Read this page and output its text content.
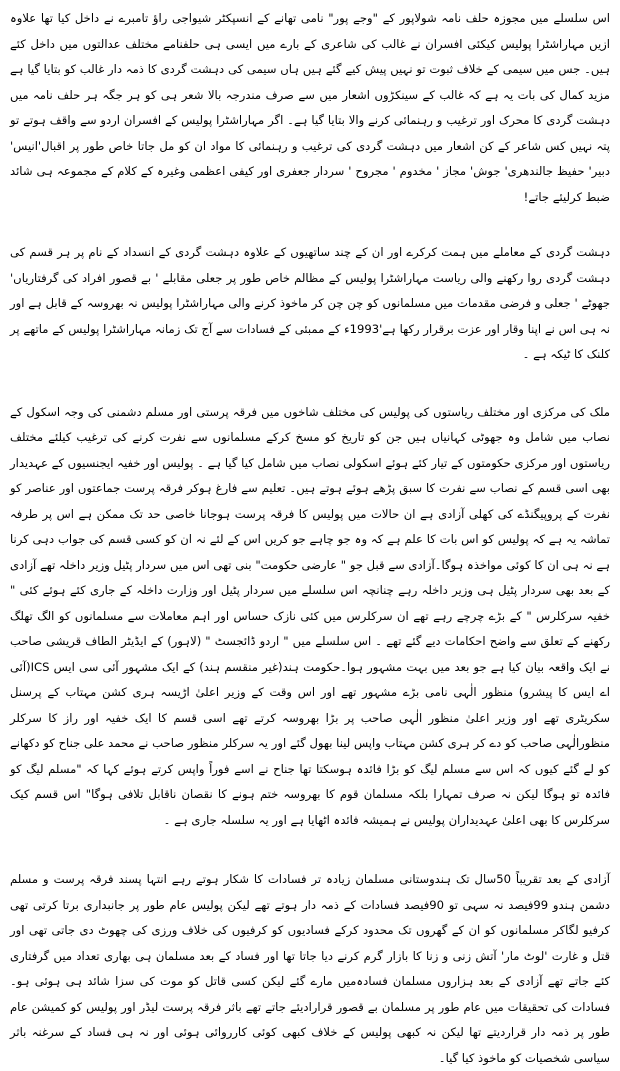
اس سلسلے میں مجوزہ حلف نامہ شولاپور کے "وجے پور" نامی تھانے کے انسپکٹر شیواجی راؤ تامبرے نے داخل کیا تھا علاوہ ازیں مہاراشٹرا پولیس کیکئی افسران نے غالب کی شاعری کے بارے میں ایسی ہی حلفنامے مختلف عدالتوں میں داخل کئے ہیں۔ جس میں سیمی کے خلاف ثبوت تو نہیں پیش کیے گئے ہیں ہاں سیمی کی دہشت گردی کا ذمہ دار غالب کو بتایا گیا ہے مزید کمال کی بات یہ ہے کہ غالب کے سینکڑوں اشعار میں سے صرف مندرجہ بالا شعر ہی کو ہر جگہ ہر حلف نامہ میں دہشت گردی کا محرک اور ترغیب و رہنمائی کرنے والا بتایا گیا ہے۔ اگر مہاراشٹرا پولیس کے افسران اردو سے واقف ہوتے تو پتہ نہیں کس شاعر کے کن اشعار میں دہشت گردی کی ترغیب و رہنمائی کا مواد ان کو مل جاتا خاص طور پر اقبال'انیس' دبیر' حفیظ جالندھری' جوش' مجاز ' مخدوم ' مجروح ' سردار جعفری اور کیفی اعظمی وغیرہ کے کلام کے مجموعہ ہی شائد ضبط کرلیئے جاتے!

دہشت گردی کے معاملے میں ہمت کرکرے اور ان کے چند ساتھیوں کے علاوہ دہشت گردی کے انسداد کے نام پر ہر قسم کی دہشت گردی روا رکھنے والی ریاست مہاراشٹرا پولیس کے مظالم خاص طور پر جعلی مقابلے ' بے قصور افراد کی گرفتاریاں' جھوٹے ' جعلی و فرضی مقدمات میں مسلمانوں کو چن چن کر ماخوذ کرنے والی مہاراشٹرا پولیس نہ بھروسہ کے قابل ہے اور نہ ہی اس نے اپنا وقار اور عزت برقرار رکھا ہے'1993ء کے ممبئی کے فسادات سے آج تک زمانہ مہاراشٹرا پولیس کے ماتھے پر کلنک کا ٹیکہ ہے ۔

ملک کی مرکزی اور مختلف ریاستوں کی پولیس کی مختلف شاخوں میں فرقہ پرستی اور مسلم دشمنی کی وجہ اسکول کے نصاب میں شامل وہ جھوٹی کہانیاں ہیں جن کو تاریخ کو مسخ کرکے مسلمانوں سے نفرت کرنے کی ترغیب کیلئے مختلف ریاستوں اور مرکزی حکومتوں کے تیار کئے ہوئے اسکولی نصاب میں شامل کیا گیا ہے ۔ پولیس اور خفیہ ایجنسیوں کے عہدیدار بھی اسی قسم کے نصاب سے نفرت کا سبق پڑھے ہوئے ہوتے ہیں۔ تعلیم سے فارغ ہوکر فرقہ پرست جماعتوں اور عناصر کو نفرت کے پروپیگنڈے کی کھلی آزادی ہے ان حالات میں پولیس کا فرقہ پرست ہوجانا خاصی حد تک ممکن ہے اس پر طرفہ تماشہ یہ ہے کہ پولیس کو اس بات کا علم ہے کہ وہ جو چاہے جو کریں اس کے لئے نہ ان کو کسی قسم کی جواب دہی کرنا ہے نہ ہی ان کا کوئی مواخذہ ہوگا۔آزادی سے قبل جو " عارضی حکومت" بنی تھی اس میں سردار پٹیل وزیر داخلہ تھے آزادی کے بعد بھی سردار پٹیل ہی وزیر داخلہ رہے چنانچہ اس سلسلے میں سردار پٹیل اور وزارت داخلہ کے جاری کئے ہوئے کئی " خفیہ سرکلرس " کے بڑے چرچے رہے تھے ان سرکلرس میں کئی نازک حساس اور اہم معاملات سے مسلمانوں کو الگ تھلگ رکھنے کے تعلق سے واضح احکامات دیے گئے تھے ۔ اس سلسلے میں " اردو ڈائجسٹ " (لاہور) کے ایڈیٹر الطاف قریشی صاحب نے ایک واقعہ بیان کیا ہے جو بعد میں بہت مشہور ہوا۔حکومت ہند(غیر منقسم ہند) کے ایک مشہور آئی سی ایس ICS(آئی اے ایس کا پیشرو) منظور الٰہی نامی بڑے مشہور تھے اور اس وقت کے وزیر اعلیٰ اڑیسہ ہری کشن مہتاب کے پرسنل سکریٹری تھے اور وزیر اعلیٰ منظور الٰہی صاحب پر بڑا بھروسہ کرتے تھے اسی قسم کا ایک خفیہ اور راز کا سرکلر منظورالٰہی صاحب کو دے کر ہری کشن مہتاب واپس لینا بھول گئے اور یہ سرکلر منظور صاحب نے محمد علی جناح کو دکھانے کو لے گئے کیوں کہ اس سے مسلم لیگ کو بڑا فائدہ ہوسکتا تھا جناح نے اسے فوراً واپس کرتے ہوئے کہا کہ "مسلم لیگ کو فائدہ تو ہوگا لیکن نہ صرف تمہارا بلکہ مسلمان قوم کا بھروسہ ختم ہونے کا نقصان ناقابل تلافی ہوگا" اس قسم کیک سرکلرس کا بھی اعلیٰ عہدیداران پولیس نے ہمیشہ فائدہ اٹھایا ہے اور یہ سلسلہ جاری ہے ۔

آزادی کے بعد تقریباً 50سال تک ہندوستانی مسلمان زیادہ تر فسادات کا شکار ہوتے رہے انتہا پسند فرقہ پرست و مسلم دشمن ہندو 99فیصد نہ سہی تو 90فیصد فسادات کے ذمہ دار ہوتے تھے لیکن پولیس عام طور پر جانبداری برتا کرتی تھی کرفیو لگاکر مسلمانوں کو ان کے گھروں تک محدود کرکے فسادیوں کو کرفیوں کی خلاف ورزی کی چھوٹ دی جاتی تھی اور قتل و غارت 'لوٹ مار' آتش زنی و زنا کا بازار گرم کرنے دیا جاتا تھا اور فساد کے بعد مسلمان ہی بھاری تعداد میں گرفتاری کئے جاتے تھے آزادی کے بعد ہزاروں مسلمان فسادہ‌میں مارے گئے لیکن کسی قاتل کو موت کی سزا شائد ہی ہوئی ہو۔ فسادات کی تحقیقات میں عام طور پر مسلمان بے قصور قرارادیئے جاتے تھے باثر فرقہ پرست لیڈر اور پولیس کو کمیشن عام طور پر ذمہ دار قراردیتے تھا لیکن نہ کبھی پولیس کے خلاف کبھی کوئی کارروائی ہوئی اور نہ ہی فساد کے سرغنہ باثر سیاسی شخصیات کو ماخوذ کیا گیا۔
